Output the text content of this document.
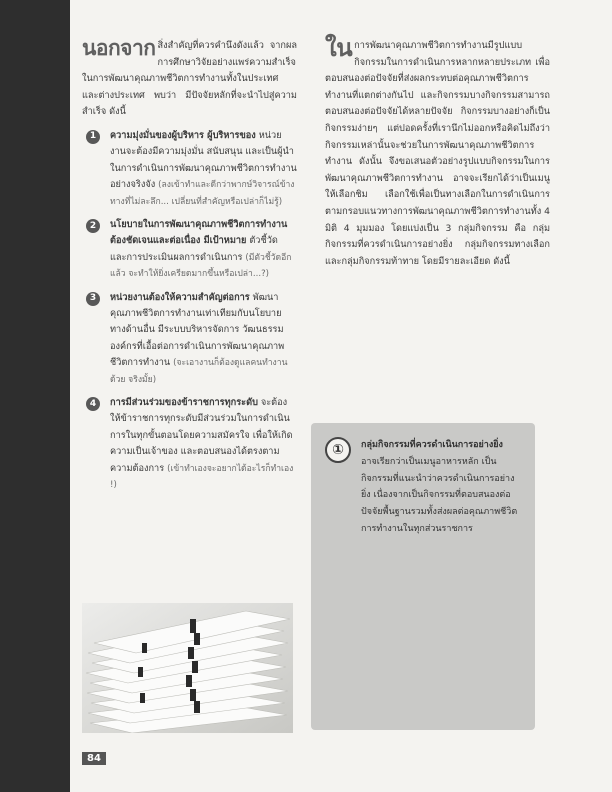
นอกจาก สิ่งสำคัญที่ควรคำนึงดังแล้ว จากผลการศึกษาวิจัยอย่างแพร่ความสำเร็จในการพัฒนาคุณภาพชีวิตการทำงานทั้งในประเทศ และต่างประเทศ พบว่า มีปัจจัยหลักที่จะนำไปสู่ความสำเร็จ ดังนี้
1	ความมุ่งมั่นของผู้บริหาร ผู้บริหารของ หน่วยงานจะต้องมีความมุ่งมั่น สนับสนุน และเป็นผู้นำในการดำเนินการพัฒนาคุณภาพชีวิตการทำงานอย่างจริงจัง (ลงเข้าทำและดีกว่าพากษ์วิจารณ์ข้างทางที่ไม่ละลึก... เปลี่ยนที่สำคัญหรือเปล่าก็ไม่รู้)
2	นโยบายในการพัฒนาคุณภาพชีวิตการทำงานต้องชัดเจนและต่อเนื่อง มีเป้าหมาย ตัวชี้วัด และการประเมินผลการดำเนินการ (มีตัวชี้วัดอีกแล้ว จะทำให้ยิ่งเครียดมากขึ้นหรือเปล่า...?)
3	หน่วยงานต้องให้ความสำคัญต่อการ พัฒนาคุณภาพชีวิตการทำงานเท่าเทียมกับนโยบายทางด้านอื่น มีระบบบริหารจัดการ วัฒนธรรมองค์กรที่เอื้อต่อการดำเนินการพัฒนาคุณภาพชีวิตการทำงาน (จะเอางานก็ต้องดูแลคนทำงานด้วย จริงมั้ย)
4	การมีส่วนร่วมของข้าราชการทุกระดับ จะต้องให้ข้าราชการทุกระดับมีส่วนร่วมในการดำเนินการในทุกขั้นตอนโดยความสมัครใจ เพื่อให้เกิดความเป็นเจ้าของ และตอบสนองได้ตรงตามความต้องการ (เข้าทำเองจะอยากได้อะไรก็ทำเอง !)
84
ใน การพัฒนาคุณภาพชีวิตการทำงานมีรูปแบบกิจกรรมในการดำเนินการหลากหลายประเภท เพื่อตอบสนองต่อปัจจัยที่ส่งผลกระทบต่อคุณภาพชีวิตการทำงานที่แตกต่างกันไป และกิจกรรมบางกิจกรรมสามารถตอบสนองต่อปัจจัยได้หลายปัจจัย กิจกรรมบางอย่างก็เป็นกิจกรรมง่ายๆ แต่ปอดครั้งที่เรานึกไม่ออกหรือคิดไม่ถึงว่ากิจกรรมเหล่านั้นจะช่วยในการพัฒนาคุณภาพชีวิตการทำงาน ดังนั้น จึงขอเสนอตัวอย่างรูปแบบกิจกรรมในการพัฒนาคุณภาพชีวิตการทำงาน อาจจะเรียกได้ว่าเป็นเมนูให้เลือกชิม เลือกใช้เพื่อเป็นทางเลือกในการดำเนินการตามกรอบแนวทางการพัฒนาคุณภาพชีวิตการทำงานทั้ง 4 มิติ 4 มุมมอง โดยแบ่งเป็น 3 กลุ่มกิจกรรม คือ กลุ่มกิจกรรมที่ควรดำเนินการอย่างยิ่ง กลุ่มกิจกรรมทางเลือก และกลุ่มกิจกรรมท้าทาย โดยมีรายละเอียด ดังนี้
①	กลุ่มกิจกรรมที่ควรดำเนินการอย่างยิ่ง อาจเรียกว่าเป็นเมนูอาหารหลัก เป็นกิจกรรมที่แนะนำว่าควรดำเนินการอย่างยิ่ง เนื่องจากเป็นกิจกรรมที่ตอบสนองต่อปัจจัยพื้นฐานรวมทั้งส่งผลต่อคุณภาพชีวิตการทำงานในทุกส่วนราชการ
